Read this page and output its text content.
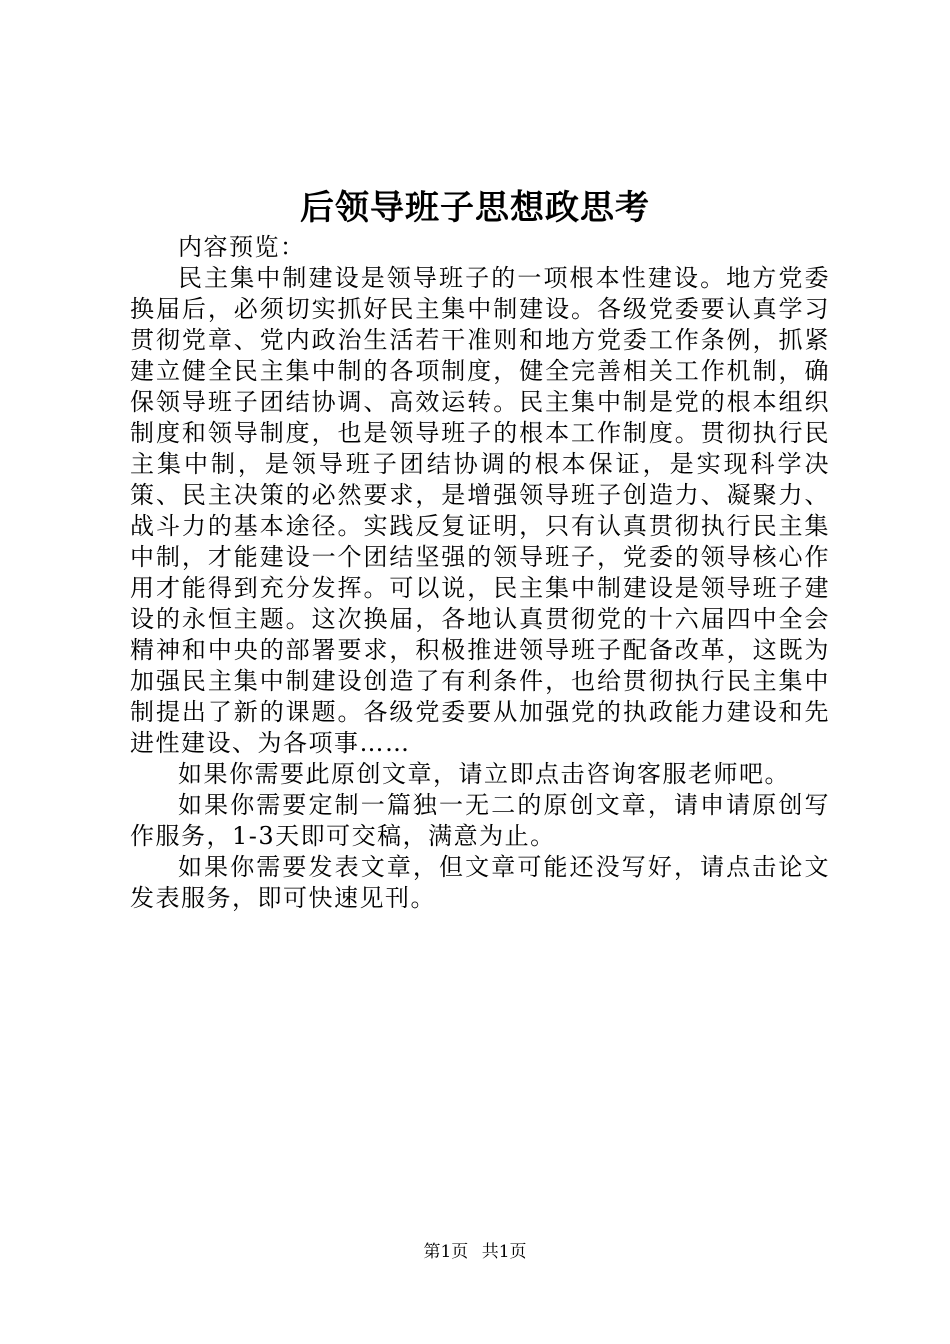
后领导班子思想政思考

内容预览：

民主集中制建设是领导班子的一项根本性建设。地方党委换届后，必须切实抓好民主集中制建设。各级党委要认真学习贯彻党章、党内政治生活若干准则和地方党委工作条例，抓紧建立健全民主集中制的各项制度，健全完善相关工作机制，确保领导班子团结协调、高效运转。民主集中制是党的根本组织制度和领导制度，也是领导班子的根本工作制度。贯彻执行民主集中制，是领导班子团结协调的根本保证，是实现科学决策、民主决策的必然要求，是增强领导班子创造力、凝聚力、战斗力的基本途径。实践反复证明，只有认真贯彻执行民主集中制，才能建设一个团结坚强的领导班子，党委的领导核心作用才能得到充分发挥。可以说，民主集中制建设是领导班子建设的永恒主题。这次换届，各地认真贯彻党的十六届四中全会精神和中央的部署要求，积极推进领导班子配备改革，这既为加强民主集中制建设创造了有利条件，也给贯彻执行民主集中制提出了新的课题。各级党委要从加强党的执政能力建设和先进性建设、为各项事……

如果你需要此原创文章，请立即点击咨询客服老师吧。

如果你需要定制一篇独一无二的原创文章，请申请原创写作服务，1-3天即可交稿，满意为止。

如果你需要发表文章，但文章可能还没写好，请点击论文发表服务，即可快速见刊。

第1页 共1页
